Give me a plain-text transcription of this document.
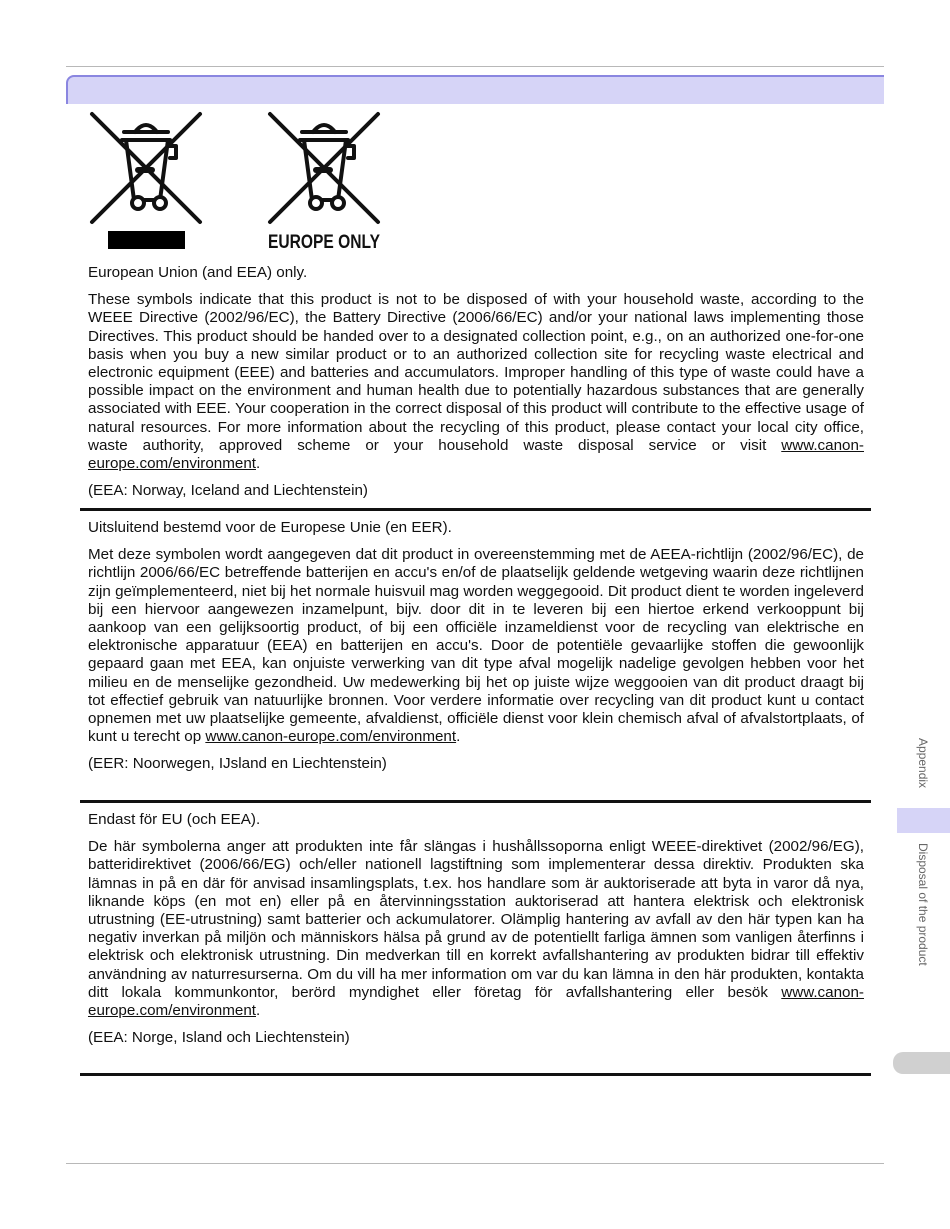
EUROPE ONLY

European Union (and EEA) only.

These symbols indicate that this product is not to be disposed of with your household waste, according to the WEEE Directive (2002/96/EC), the Battery Directive (2006/66/EC) and/or your national laws implementing those Directives. This product should be handed over to a designated collection point, e.g., on an authorized one-for-one basis when you buy a new similar product or to an authorized collection site for recycling waste electrical and electronic equipment (EEE) and batteries and accumulators. Improper handling of this type of waste could have a possible impact on the environment and human health due to potentially hazardous substances that are generally associated with EEE. Your cooperation in the correct disposal of this product will contribute to the effective usage of natural resources. For more information about the recycling of this product, please contact your local city office, waste authority, approved scheme or your household waste disposal service or visit www.canon-europe.com/environment.

(EEA: Norway, Iceland and Liechtenstein)

Uitsluitend bestemd voor de Europese Unie (en EER).

Met deze symbolen wordt aangegeven dat dit product in overeenstemming met de AEEA-richtlijn (2002/96/EC), de richtlijn 2006/66/EC betreffende batterijen en accu's en/of de plaatselijk geldende wetgeving waarin deze richtlijnen zijn geïmplementeerd, niet bij het normale huisvuil mag worden weggegooid. Dit product dient te worden ingeleverd bij een hiervoor aangewezen inzamelpunt, bijv. door dit in te leveren bij een hiertoe erkend verkooppunt bij aankoop van een gelijksoortig product, of bij een officiële inzameldienst voor de recycling van elektrische en elektronische apparatuur (EEA) en batterijen en accu's. Door de potentiële gevaarlijke stoffen die gewoonlijk gepaard gaan met EEA, kan onjuiste verwerking van dit type afval mogelijk nadelige gevolgen hebben voor het milieu en de menselijke gezondheid. Uw medewerking bij het op juiste wijze weggooien van dit product draagt bij tot effectief gebruik van natuurlijke bronnen. Voor verdere informatie over recycling van dit product kunt u contact opnemen met uw plaatselijke gemeente, afvaldienst, officiële dienst voor klein chemisch afval of afvalstortplaats, of kunt u terecht op www.canon-europe.com/environment.

(EER: Noorwegen, IJsland en Liechtenstein)

Endast för EU (och EEA).

De här symbolerna anger att produkten inte får slängas i hushållssoporna enligt WEEE-direktivet (2002/96/EG), batteridirektivet (2006/66/EG) och/eller nationell lagstiftning som implementerar dessa direktiv. Produkten ska lämnas in på en där för anvisad insamlingsplats, t.ex. hos handlare som är auktoriserade att byta in varor då nya, liknande köps (en mot en) eller på en återvinningsstation auktoriserad att hantera elektrisk och elektronisk utrustning (EE-utrustning) samt batterier och ackumulatorer. Olämplig hantering av avfall av den här typen kan ha negativ inverkan på miljön och människors hälsa på grund av de potentiellt farliga ämnen som vanligen återfinns i elektrisk och elektronisk utrustning. Din medverkan till en korrekt avfallshantering av produkten bidrar till effektiv användning av naturresurserna. Om du vill ha mer information om var du kan lämna in den här produkten, kontakta ditt lokala kommunkontor, berörd myndighet eller företag för avfallshantering eller besök www.canon-europe.com/environment.

(EEA: Norge, Island och Liechtenstein)

Appendix
Disposal of the product
